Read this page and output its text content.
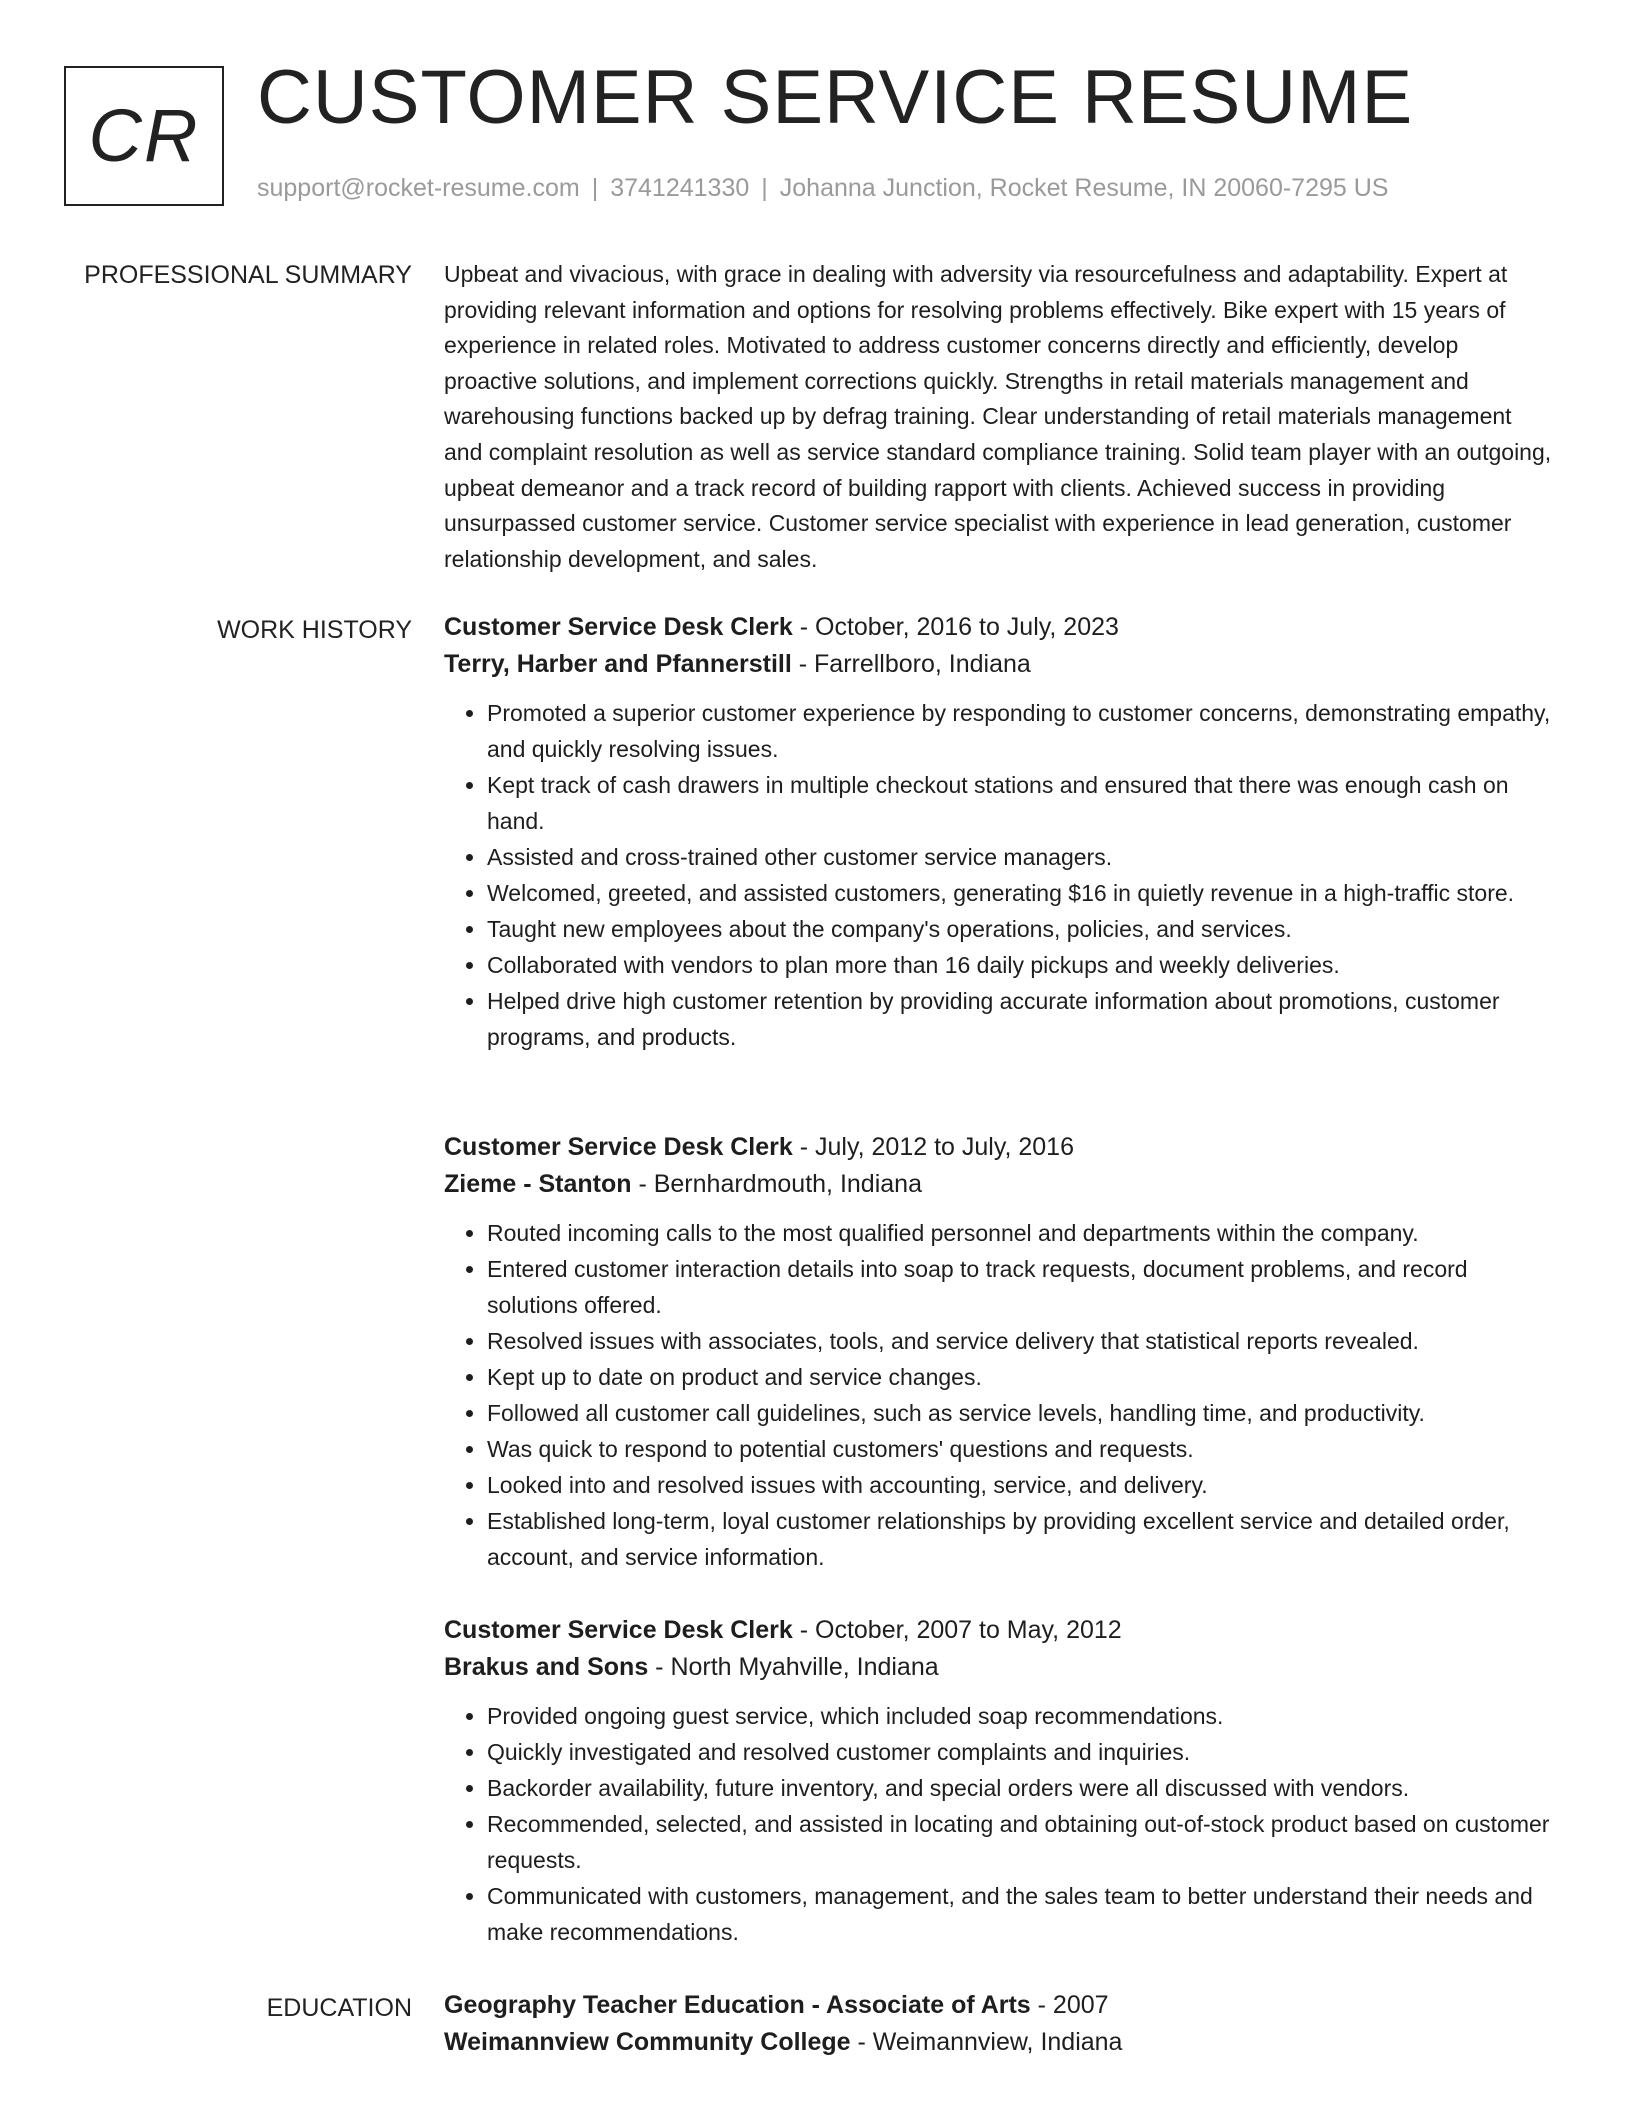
CR CUSTOMER SERVICE RESUME
support@rocket-resume.com | 3741241330 | Johanna Junction, Rocket Resume, IN 20060-7295 US
PROFESSIONAL SUMMARY Upbeat and vivacious, with grace in dealing with adversity via resourcefulness and adaptability. Expert at providing relevant information and options for resolving problems effectively. Bike expert with 15 years of experience in related roles. Motivated to address customer concerns directly and efficiently, develop proactive solutions, and implement corrections quickly. Strengths in retail materials management and warehousing functions backed up by defrag training. Clear understanding of retail materials management and complaint resolution as well as service standard compliance training. Solid team player with an outgoing, upbeat demeanor and a track record of building rapport with clients. Achieved success in providing unsurpassed customer service. Customer service specialist with experience in lead generation, customer relationship development, and sales.

WORK HISTORY Customer Service Desk Clerk - October, 2016 to July, 2023

Terry, Harber and Pfannerstill - Farrellboro, Indiana

• Promoted a superior customer experience by responding to customer concerns, demonstrating empathy, and quickly resolving issues.
• Kept track of cash drawers in multiple checkout stations and ensured that there was enough cash on hand.
• Assisted and cross-trained other customer service managers.
• Welcomed, greeted, and assisted customers, generating $16 in quietly revenue in a high-traffic store.
• Taught new employees about the company's operations, policies, and services.
• Collaborated with vendors to plan more than 16 daily pickups and weekly deliveries.
• Helped drive high customer retention by providing accurate information about promotions, customer programs, and products.

Customer Service Desk Clerk - July, 2012 to July, 2016

Zieme - Stanton - Bernhardmouth, Indiana

• Routed incoming calls to the most qualified personnel and departments within the company.
• Entered customer interaction details into soap to track requests, document problems, and record solutions offered.
• Resolved issues with associates, tools, and service delivery that statistical reports revealed.
• Kept up to date on product and service changes.
• Followed all customer call guidelines, such as service levels, handling time, and productivity.
• Was quick to respond to potential customers' questions and requests.
• Looked into and resolved issues with accounting, service, and delivery.
• Established long-term, loyal customer relationships by providing excellent service and detailed order, account, and service information.

Customer Service Desk Clerk - October, 2007 to May, 2012

Brakus and Sons - North Myahville, Indiana

• Provided ongoing guest service, which included soap recommendations.
• Quickly investigated and resolved customer complaints and inquiries.
• Backorder availability, future inventory, and special orders were all discussed with vendors.
• Recommended, selected, and assisted in locating and obtaining out-of-stock product based on customer requests.
• Communicated with customers, management, and the sales team to better understand their needs and make recommendations.
EDUCATION Geography Teacher Education - Associate of Arts - 2007

Weimannview Community College - Weimannview, Indiana
